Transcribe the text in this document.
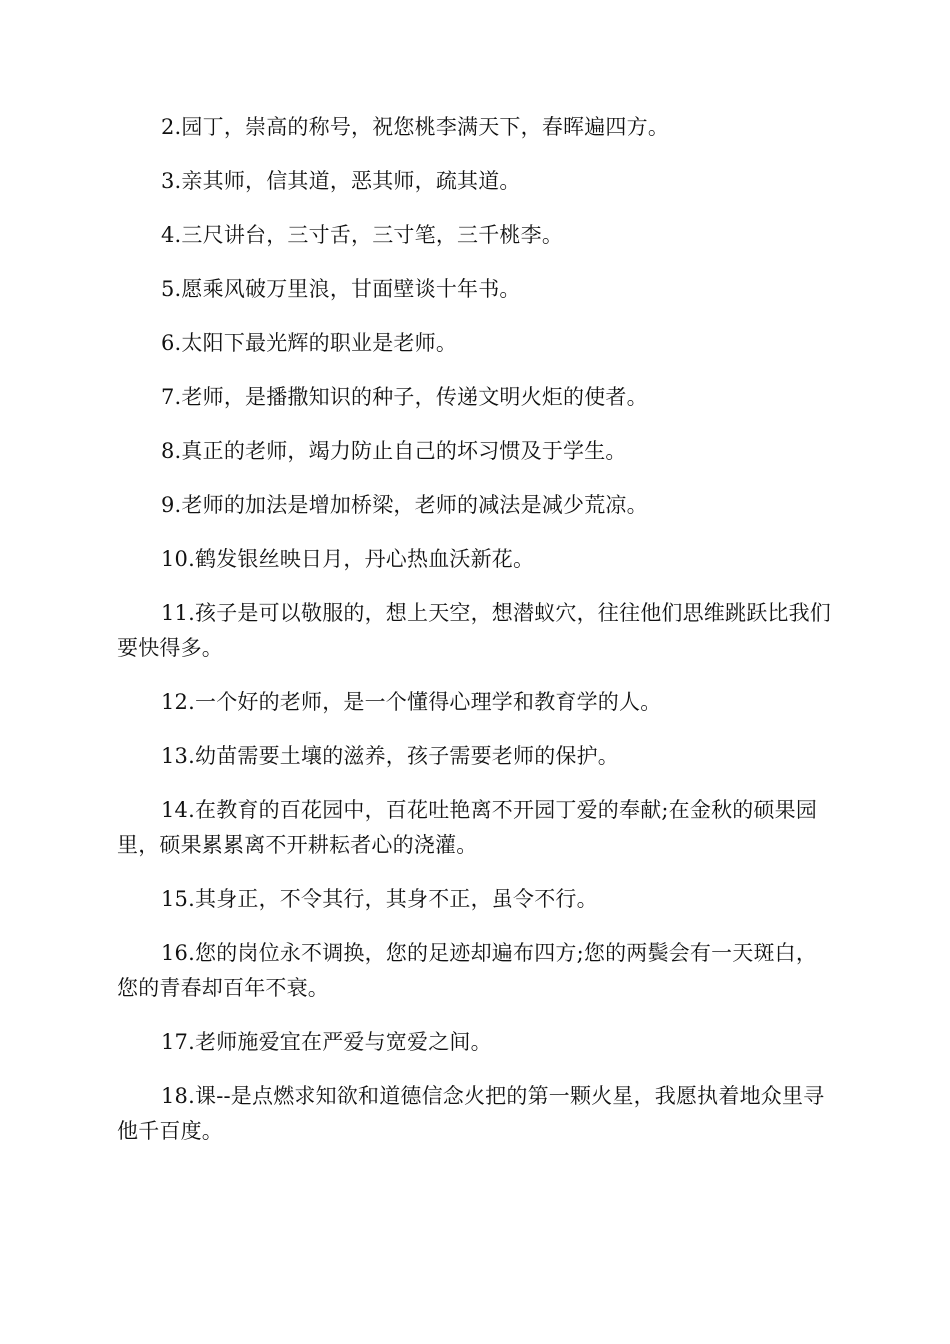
2.园丁，崇高的称号，祝您桃李满天下，春晖遍四方。

3.亲其师，信其道，恶其师，疏其道。

4.三尺讲台，三寸舌，三寸笔，三千桃李。

5.愿乘风破万里浪，甘面壁谈十年书。

6.太阳下最光辉的职业是老师。

7.老师，是播撒知识的种子，传递文明火炬的使者。

8.真正的老师，竭力防止自己的坏习惯及于学生。

9.老师的加法是增加桥梁，老师的减法是减少荒凉。

10.鹤发银丝映日月，丹心热血沃新花。

11.孩子是可以敬服的，想上天空，想潜蚁穴，往往他们思维跳跃比我们要快得多。

12.一个好的老师，是一个懂得心理学和教育学的人。

13.幼苗需要土壤的滋养，孩子需要老师的保护。

14.在教育的百花园中，百花吐艳离不开园丁爱的奉献;在金秋的硕果园里，硕果累累离不开耕耘者心的浇灌。

15.其身正，不令其行，其身不正，虽令不行。

16.您的岗位永不调换，您的足迹却遍布四方;您的两鬓会有一天斑白，您的青春却百年不衰。

17.老师施爱宜在严爱与宽爱之间。

18.课--是点燃求知欲和道德信念火把的第一颗火星，我愿执着地众里寻他千百度。
